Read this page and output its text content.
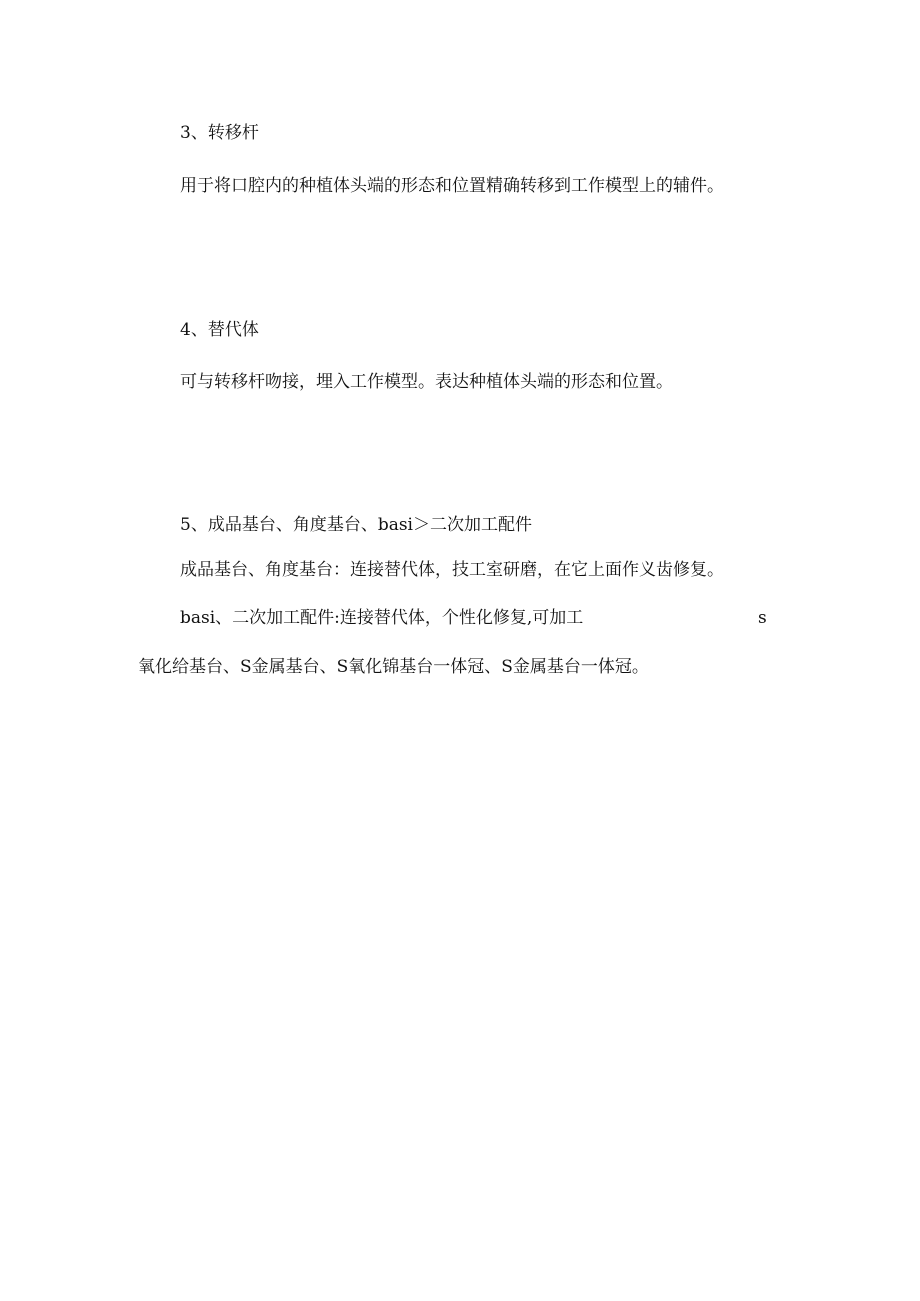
3、转移杆
用于将口腔内的种植体头端的形态和位置精确转移到工作模型上的辅件。
4、替代体
可与转移杆吻接，埋入工作模型。表达种植体头端的形态和位置。
5、成品基台、角度基台、basi＞二次加工配件
成品基台、角度基台：连接替代体，技工室研磨，在它上面作义齿修复。
basi、二次加工配件:连接替代体，个性化修复,可加工	s
氧化给基台、S金属基台、S氧化锦基台一体冠、S金属基台一体冠。
